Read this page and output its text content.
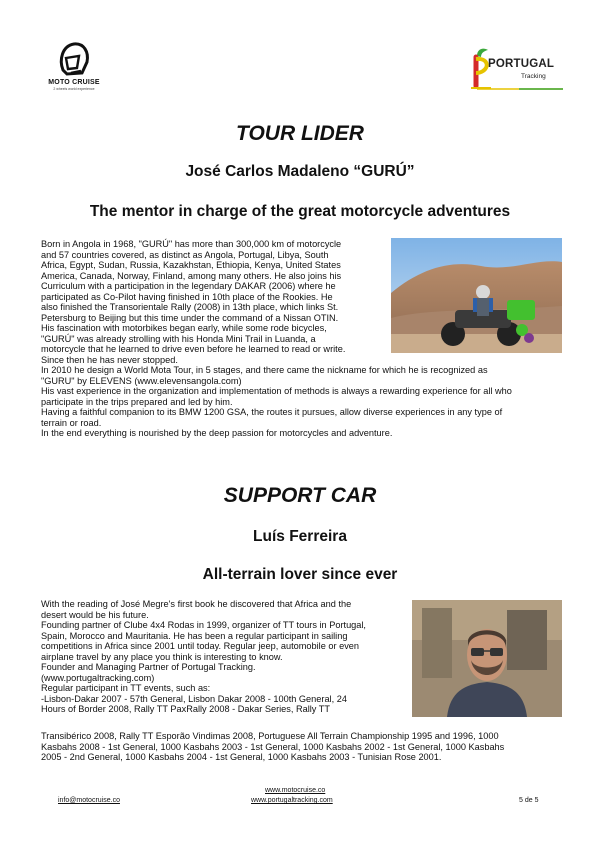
MOTO CRUISE
2 wheels world experience
PORTUGAL
Tracking
TOUR LIDER
José Carlos Madaleno “GURÚ”
The mentor in charge of the great motorcycle adventures

Born in Angola in 1968, "GURÚ" has more than 300,000 km of motorcycle

and 57 countries covered, as distinct as Angola, Portugal, Libya, South

Africa, Egypt, Sudan, Russia, Kazakhstan, Ethiopia, Kenya, United States

America, Canada, Norway, Finland, among many others. He also joins his

Curriculum with a participation in the legendary DAKAR (2006) where he

participated as Co-Pilot having finished in 10th place of the Rookies. He

also finished the Transorientale Rally (2008) in 13th place, which links St.

Petersburg to Beijing but this time under the command of a Nissan OTIN.

His fascination with motorbikes began early, while some rode bicycles,

"GURÚ" was already strolling with his Honda Mini Trail in Luanda, a

motorcycle that he learned to drive even before he learned to read or write.

Since then he has never stopped.

In 2010 he design a World Mota Tour, in 5 stages, and there came the nickname for which he is recognized as

"GURU" by ELEVENS (www.elevensangola.com)

His vast experience in the organization and implementation of methods is always a rewarding experience for all who

participate in the trips prepared and led by him.

Having a faithful companion to its BMW 1200 GSA, the routes it pursues, allow diverse experiences in any type of

terrain or road.

In the end everything is nourished by the deep passion for motorcycles and adventure.

SUPPORT CAR
Luís Ferreira
All-terrain lover since ever

With the reading of José Megre's first book he discovered that Africa and the

desert would be his future.

Founding partner of Clube 4x4 Rodas in 1999, organizer of TT tours in Portugal,

Spain, Morocco and Mauritania. He has been a regular participant in sailing

competitions in Africa since 2001 until today. Regular jeep, automobile or even

airplane travel by any place you think is interesting to know.

Founder and Managing Partner of Portugal Tracking.

(www.portugaltracking.com)

Regular participant in TT events, such as:

-Lisbon-Dakar 2007 - 57th General, Lisbon Dakar 2008 - 100th General, 24

Hours of Border 2008, Rally TT PaxRally 2008 - Dakar Series, Rally TT

Transibérico 2008, Rally TT Esporão Vindimas 2008, Portuguese All Terrain Championship 1995 and 1996, 1000

Kasbahs 2008 - 1st General, 1000 Kasbahs 2003 - 1st General, 1000 Kasbahs 2002 - 1st General, 1000 Kasbahs

2005 - 2nd General, 1000 Kasbahs 2004 - 1st General, 1000 Kasbahs 2003 - Tunisian Rose 2001.

www.motocruise.co
www.portugaltracking.com
info@motocruise.co	5 de 5
